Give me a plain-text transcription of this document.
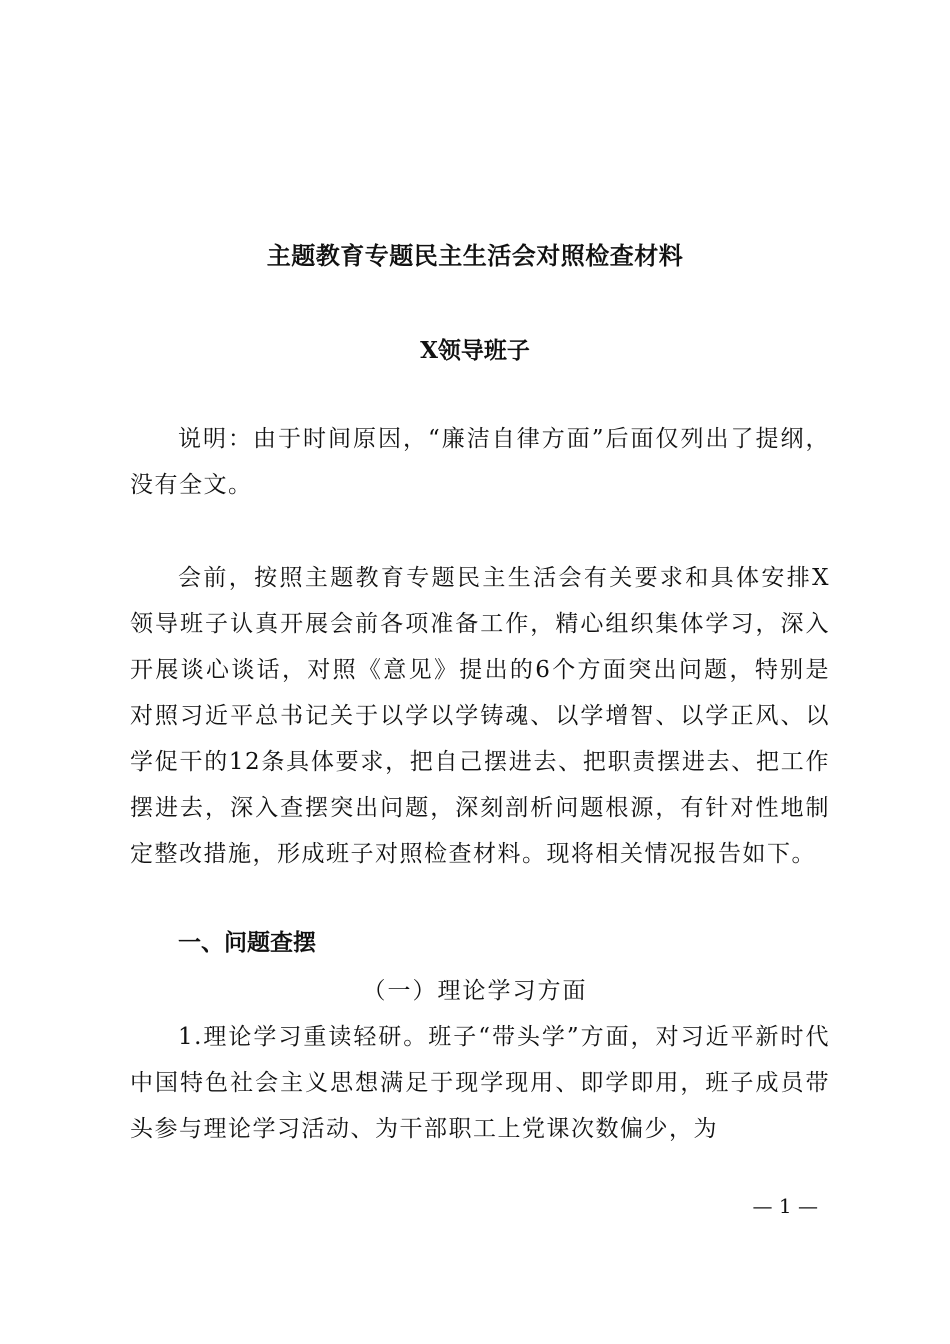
主题教育专题民主生活会对照检查材料
X领导班子

说明：由于时间原因，“廉洁自律方面”后面仅列出了提纲，没有全文。

会前，按照主题教育专题民主生活会有关要求和具体安排X领导班子认真开展会前各项准备工作，精心组织集体学习，深入开展谈心谈话，对照《意见》提出的6个方面突出问题，特别是对照习近平总书记关于以学以学铸魂、以学增智、以学正风、以学促干的12条具体要求，把自己摆进去、把职责摆进去、把工作摆进去，深入查摆突出问题，深刻剖析问题根源，有针对性地制定整改措施，形成班子对照检查材料。现将相关情况报告如下。

一、问题查摆
（一）理论学习方面

1.理论学习重读轻研。班子“带头学”方面，对习近平新时代中国特色社会主义思想满足于现学现用、即学即用，班子成员带头参与理论学习活动、为干部职工上党课次数偏少，为

— 1 —
